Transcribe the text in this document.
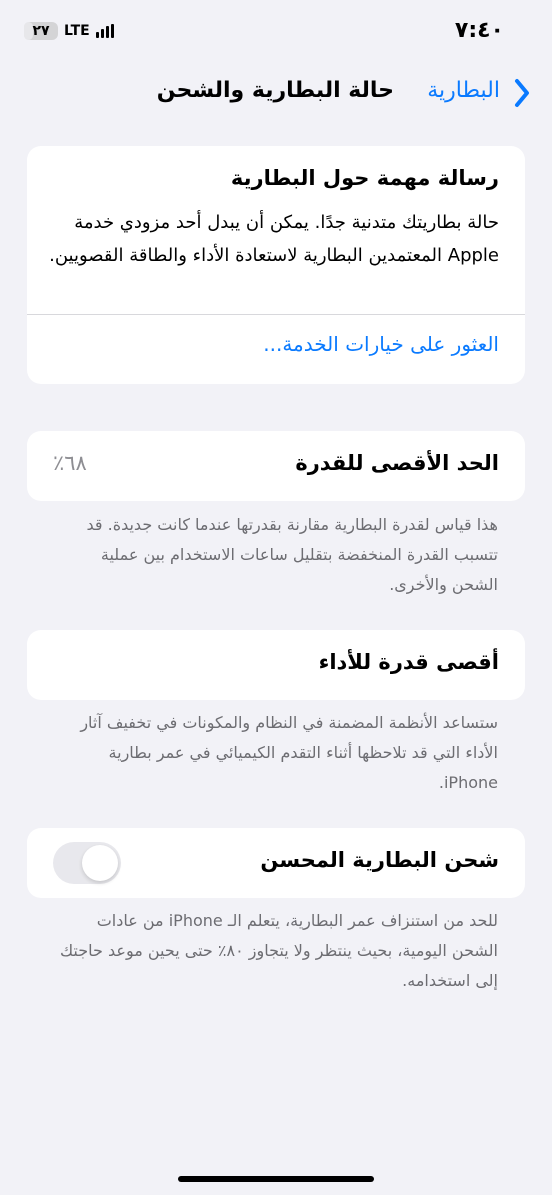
٧:٤٠
٢٧	LTE
البطارية
حالة البطارية والشحن
رسالة مهمة حول البطارية
حالة بطاريتك متدنية جدًا. يمكن أن يبدل أحد مزودي خدمة Apple المعتمدين البطارية لاستعادة الأداء والطاقة القصويين.
العثور على خيارات الخدمة...
الحد الأقصى للقدرة
٦٨٪
هذا قياس لقدرة البطارية مقارنة بقدرتها عندما كانت جديدة. قد تتسبب القدرة المنخفضة بتقليل ساعات الاستخدام بين عملية الشحن والأخرى.
أقصى قدرة للأداء
ستساعد الأنظمة المضمنة في النظام والمكونات في تخفيف آثار الأداء التي قد تلاحظها أثناء التقدم الكيميائي في عمر بطارية iPhone.
شحن البطارية المحسن
للحد من استنزاف عمر البطارية، يتعلم الـ iPhone من عادات الشحن اليومية، بحيث ينتظر ولا يتجاوز ٨٠٪ حتى يحين موعد حاجتك إلى استخدامه.
